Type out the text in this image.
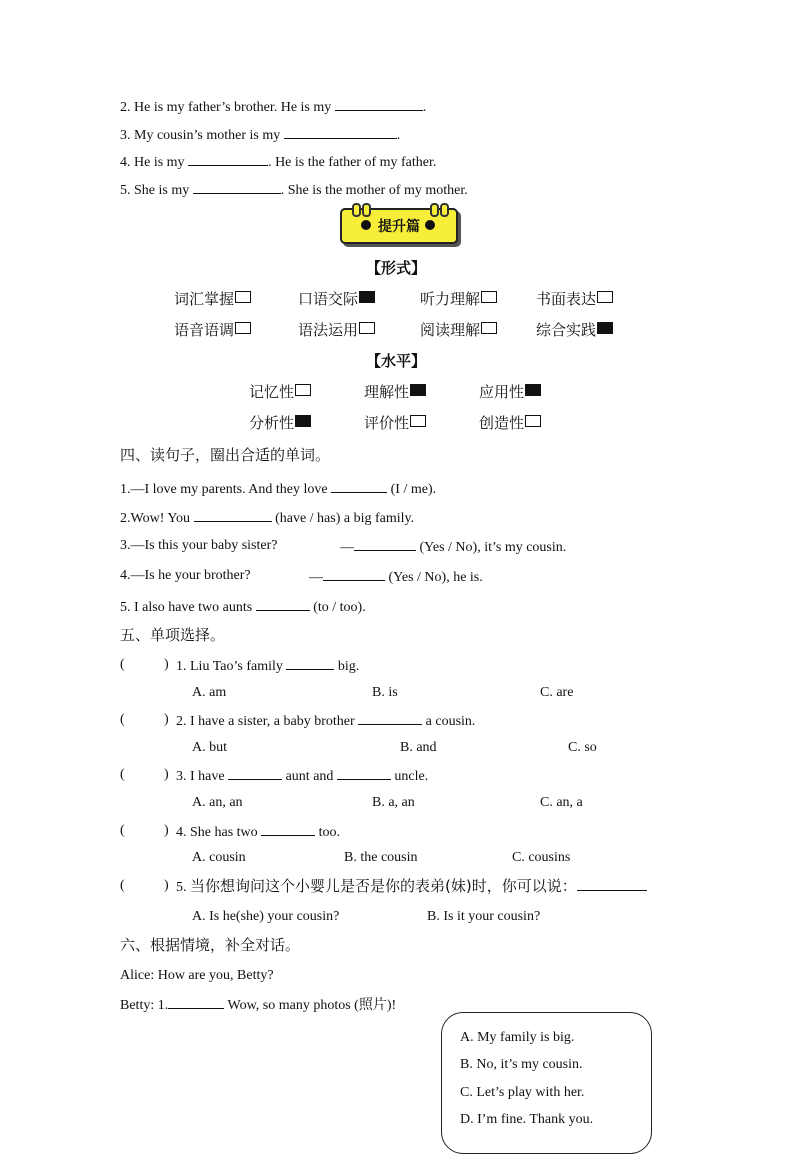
2. He is my father’s brother. He is my	.
3. My cousin’s mother is my	.
4. He is my	. He is the father of my father.
5. She is my	. She is the mother of my mother.
提升篇
【形式】
词汇掌握	口语交际	听力理解	书面表达
语音语调	语法运用	阅读理解	综合实践
【水平】
记忆性	理解性	应用性
分析性	评价性	创造性
四、读句子，圈出合适的单词。
1.—I love my parents. And they love	(I / me).
2.Wow! You	(have / has) a big family.
3.—Is this your baby sister?	—	(Yes / No), it’s my cousin.
4.—Is he your brother?	—	(Yes / No), he is.
5. I also have two aunts	(to / too).
五、单项选择。
(	) 1. Liu Tao’s family	big.
A. am	B. is	C. are
(	) 2. I have a sister, a baby brother	a cousin.
A. but	B. and	C. so
(	) 3. I have	aunt and	uncle.
A. an, an	B. a, an	C. an, a
(	) 4. She has two	too.
A. cousin	B. the cousin	C. cousins
(	) 5. 当你想询问这个小婴儿是否是你的表弟(妹)时，你可以说：
A. Is he(she) your cousin?	B. Is it your cousin?
六、根据情境，补全对话。
Alice: How are you, Betty?
Betty: 1.	Wow, so many photos (照片)!
A. My family is big.
B. No, it’s my cousin.
C. Let’s play with her.
D. I’m fine. Thank you.
